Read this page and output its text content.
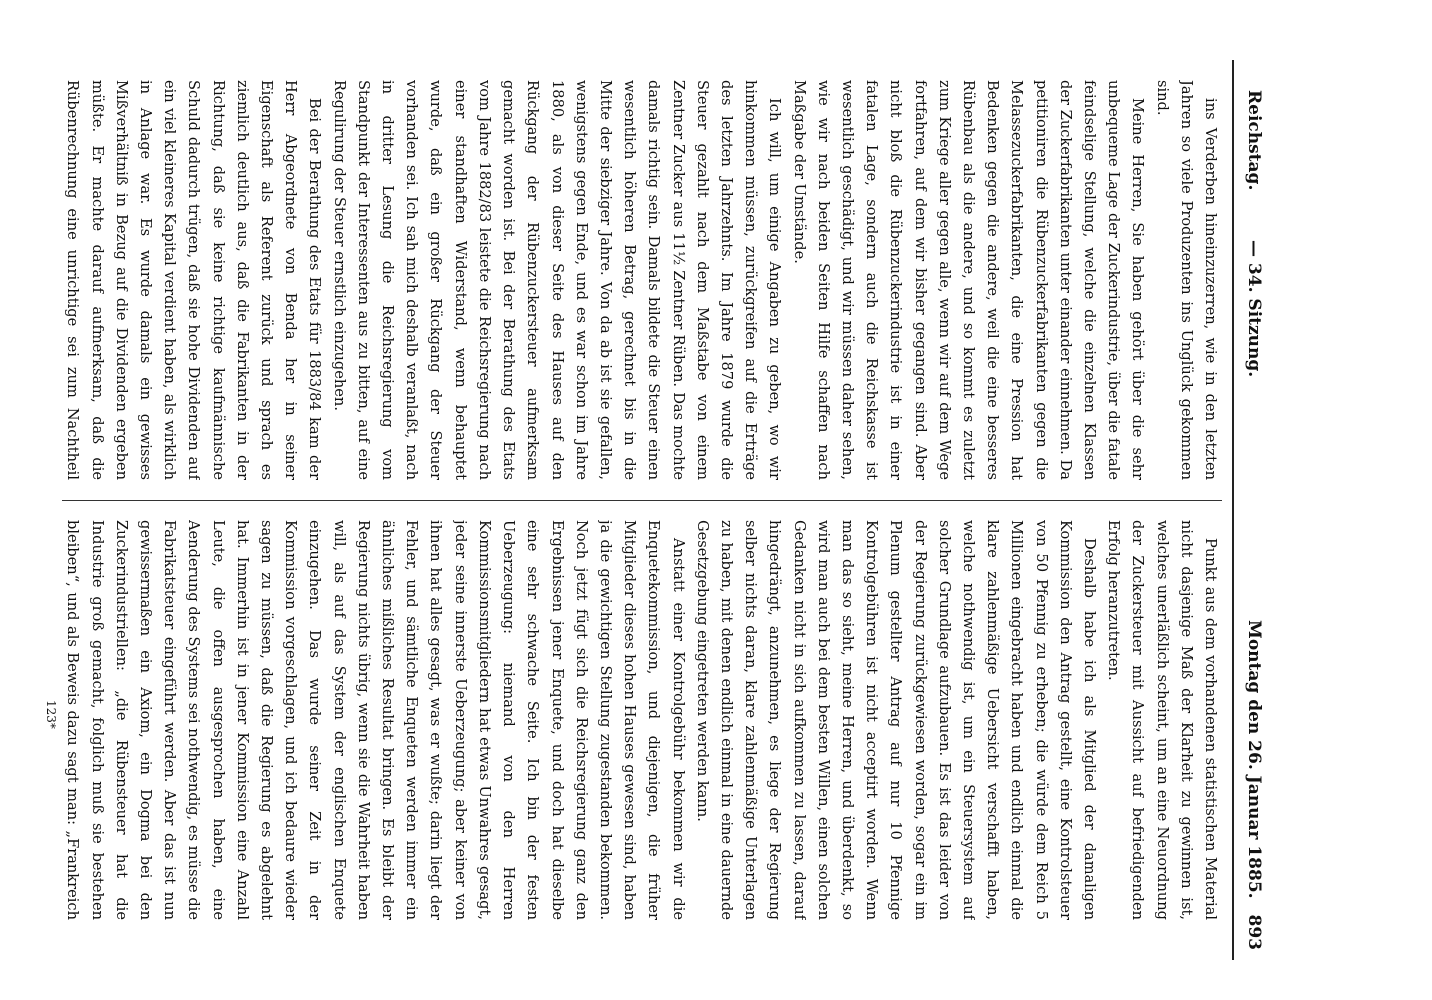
Reichstag.
— 34. Sitzung.
Montag den 26. Januar 1885.
893

ins Verderben hineinzuzerren, wie in den letzten Jahren so viele Produzenten ins Unglück gekommen sind.

Meine Herren, Sie haben gehört über die sehr unbequeme Lage der Zuckerindustrie, über die fatale feindselige Stellung, welche die einzelnen Klassen der Zuckerfabrikanten unter einander einnehmen. Da petitioniren die Rübenzuckerfabrikanten gegen die Melassezuckerfabrikanten, die eine Pression hat Bedenken gegen die andere, weil die eine besseres Rübenbau als die andere, und so kommt es zuletzt zum Kriege aller gegen alle, wenn wir auf dem Wege fortfahren, auf dem wir bisher gegangen sind. Aber nicht bloß die Rübenzuckerindustrie ist in einer fatalen Lage, sondern auch die Reichskasse ist wesentlich geschädigt, und wir müssen daher sehen, wie wir nach beiden Seiten Hilfe schaffen nach Maßgabe der Umstände.

Ich will, um einige Angaben zu geben, wo wir hinkommen müssen, zurückgreifen auf die Erträge des letzten Jahrzehnts. Im Jahre 1879 wurde die Steuer gezahlt nach dem Maßstabe von einem Zentner Zucker aus 11½ Zentner Rüben. Das mochte damals richtig sein. Damals bildete die Steuer einen wesentlich höheren Betrag, gerechnet bis in die Mitte der siebziger Jahre. Von da ab ist sie gefallen, wenigstens gegen Ende, und es war schon im Jahre 1880, als von dieser Seite des Hauses auf den Rückgang der Rübenzuckersteuer aufmerksam gemacht worden ist. Bei der Berathung des Etats vom Jahre 1882/83 leistete die Reichsregierung nach einer standhaften Widerstand, wenn behauptet wurde, daß ein großer Rückgang der Steuer vorhanden sei. Ich sah mich deshalb veranlaßt, nach in dritter Lesung die Reichsregierung vom Standpunkt der Interessenten aus zu bitten, auf eine Regulirung der Steuer ernstlich einzugehen.

Bei der Berathung des Etats für 1883/84 kam der Herr Abgeordnete von Benda her in seiner Eigenschaft als Referent zurück und sprach es ziemlich deutlich aus, daß die Fabrikanten in der Richtung, daß sie keine richtige kaufmännische Schuld dadurch trügen, daß sie hohe Dividenden auf ein viel kleineres Kapital verdient haben, als wirklich in Anlage war. Es wurde damals ein gewisses Mißverhältniß in Bezug auf die Dividenden ergeben müßte. Er machte darauf aufmerksam, daß die Rübenrechnung eine unrichtige sei zum Nachtheil

Punkt aus dem vorhandenen statistischen Material nicht dasjenige Maß der Klarheit zu gewinnen ist, welches unerläßlich scheint, um an eine Neuordnung der Zuckersteuer mit Aussicht auf befriedigenden Erfolg heranzutreten.

Deshalb habe ich als Mitglied der damaligen Kommission den Antrag gestellt, eine Kontrolsteuer von 50 Pfennig zu erheben; die würde dem Reich 5 Millionen eingebracht haben und endlich einmal die klare zahlenmäßige Uebersicht verschafft haben, welche nothwendig ist, um ein Steuersystem auf solcher Grundlage aufzubauen. Es ist das leider von der Regierung zurückgewiesen worden, sogar ein im Plenum gestellter Antrag auf nur 10 Pfennige Kontrolgebühren ist nicht acceptirt worden. Wenn man das so sieht, meine Herren, und überdenkt, so wird man auch bei dem besten Willen, einen solchen Gedanken nicht in sich aufkommen zu lassen, darauf hingedrängt, anzunehmen, es liege der Regierung selber nichts daran, klare zahlenmäßige Unterlagen zu haben, mit denen endlich einmal in eine dauernde Gesetzgebung eingetreten werden kann.

Anstatt einer Kontrolgebühr bekommen wir die Enquetekommission, und diejenigen, die früher Mitglieder dieses hohen Hauses gewesen sind, haben ja die gewichtigen Stellung zugestanden bekommen. Noch jetzt fügt sich die Reichsregierung ganz den Ergebnissen jener Enquete, und doch hat dieselbe eine sehr schwache Seite. Ich bin der festen Ueberzeugung: niemand von den Herren Kommissionsmitgliedern hat etwas Unwahres gesagt, jeder seine innerste Ueberzeugung; aber keiner von ihnen hat alles gesagt, was er wußte; darin liegt der Fehler, und sämtliche Enqueten werden immer ein ähnliches mißliches Resultat bringen. Es bleibt der Regierung nichts übrig, wenn sie die Wahrheit haben will, als auf das System der englischen Enquete einzugehen. Das wurde seiner Zeit in der Kommission vorgeschlagen, und ich bedaure wieder sagen zu müssen, daß die Regierung es abgelehnt hat. Immerhin ist in jener Kommission eine Anzahl Leute, die offen ausgesprochen haben, eine Aenderung des Systems sei nothwendig, es müsse die Fabrikatsteuer eingeführt werden. Aber das ist nun gewissermaßen ein Axiom, ein Dogma bei den Zuckerindustriellen: „die Rübensteuer hat die Industrie groß gemacht, folglich muß sie bestehen bleiben“, und als Beweis dazu sagt man: „Frankreich

123*
